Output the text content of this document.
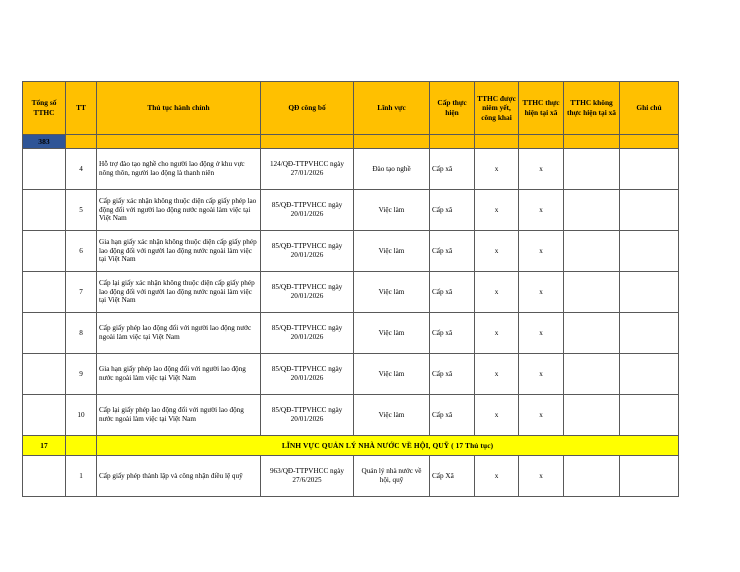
Tổng số TTHC	TT	Thủ tục hành chính	QĐ công bố	Lĩnh vực	Cấp thực hiện	TTHC được niêm yết, công khai	TTHC thực hiện tại xã	TTHC không thực hiện tại xã	Ghi chú
383									
	4	Hỗ trợ đào tạo nghề cho người lao động ở khu vực nông thôn, người lao động là thanh niên	124/QĐ-TTPVHCC ngày 27/01/2026	Đào tạo nghề	Cấp xã	x	x		
	5	Cấp giấy xác nhận không thuộc diện cấp giấy phép lao động đối với người lao động nước ngoài làm việc tại Việt Nam	85/QĐ-TTPVHCC ngày 20/01/2026	Việc làm	Cấp xã	x	x		
	6	Gia hạn giấy xác nhận không thuộc diện cấp giấy phép lao động đối với người lao động nước ngoài làm việc tại Việt Nam	85/QĐ-TTPVHCC ngày 20/01/2026	Việc làm	Cấp xã	x	x		
	7	Cấp lại giấy xác nhận không thuộc diện cấp giấy phép lao động đối với người lao động nước ngoài làm việc tại Việt Nam	85/QĐ-TTPVHCC ngày 20/01/2026	Việc làm	Cấp xã	x	x		
	8	Cấp giấy phép lao động đối với người lao động nước ngoài làm việc tại Việt Nam	85/QĐ-TTPVHCC ngày 20/01/2026	Việc làm	Cấp xã	x	x		
	9	Gia hạn giấy phép lao động đối với người lao động nước ngoài làm việc tại Việt Nam	85/QĐ-TTPVHCC ngày 20/01/2026	Việc làm	Cấp xã	x	x		
	10	Cấp lại giấy phép lao động đối với người lao động nước ngoài làm việc tại Việt Nam	85/QĐ-TTPVHCC ngày 20/01/2026	Việc làm	Cấp xã	x	x		
17		LĨNH VỰC QUẢN LÝ NHÀ NƯỚC VỀ HỘI, QUỸ ( 17 Thủ tục)							
	1	Cấp giấy phép thành lập và công nhận điều lệ quỹ	963/QĐ-TTPVHCC ngày 27/6/2025	Quản lý nhà nước về hội, quỹ	Cấp Xã	x	x		
